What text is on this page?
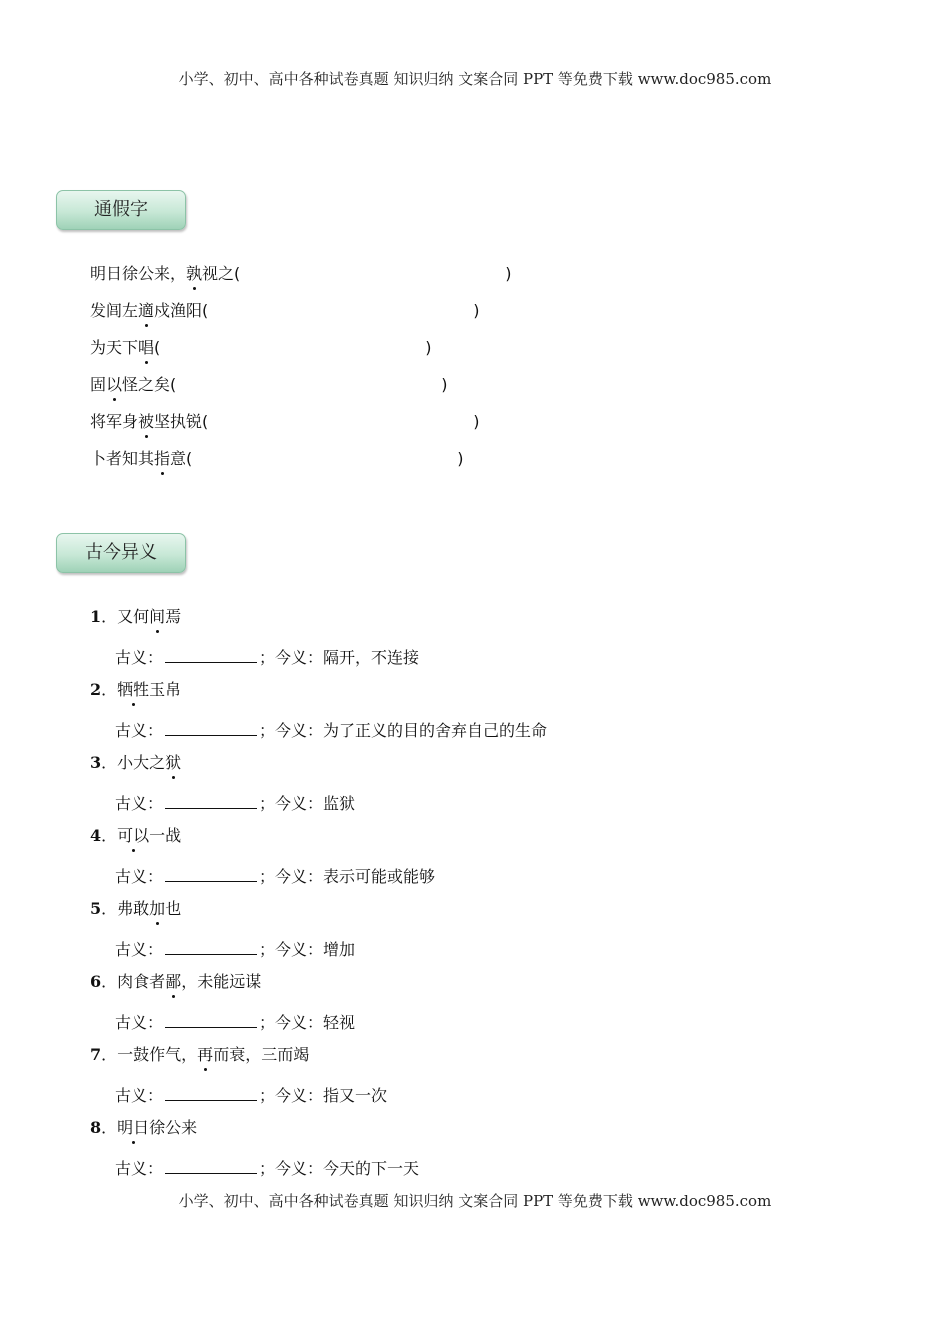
小学、初中、高中各种试卷真题 知识归纳 文案合同 PPT 等免费下载 www.doc985.com
通假字
明日徐公来，孰视之(	)
发闾左適戍渔阳(	)
为天下唱(	)
固以怪之矣(	)
将军身被坚执锐(	)
卜者知其指意(	)
古今异义
1．又何间焉
古义：	；今义：隔开，不连接
2．牺牲玉帛
古义：	；今义：为了正义的目的舍弃自己的生命
3．小大之狱
古义：	；今义：监狱
4．可以一战
古义：	；今义：表示可能或能够
5．弗敢加也
古义：	；今义：增加
6．肉食者鄙，未能远谋
古义：	；今义：轻视
7．一鼓作气，再而衰，三而竭
古义：	；今义：指又一次
8．明日徐公来
古义：	；今义：今天的下一天
小学、初中、高中各种试卷真题 知识归纳 文案合同 PPT 等免费下载 www.doc985.com
